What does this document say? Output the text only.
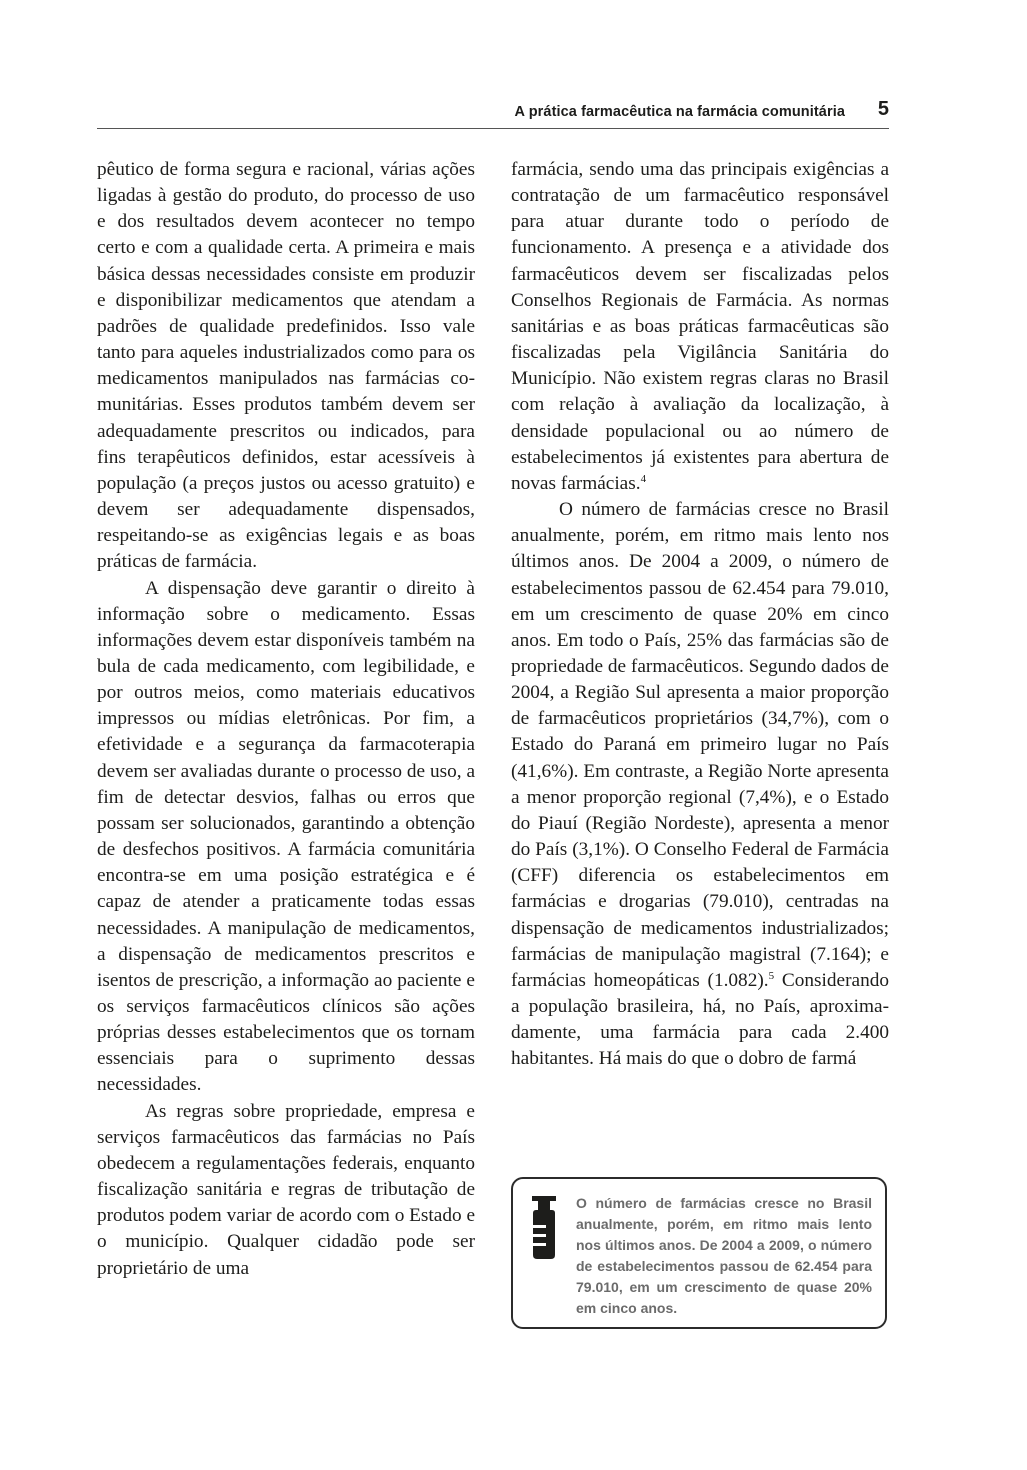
A prática farmacêutica na farmácia comunitária 5

pêutico de forma segura e racional, várias ações ligadas à gestão do produto, do processo de uso e dos resultados devem acontecer no tempo certo e com a qualidade certa. A primeira e mais básica dessas necessidades consiste em produzir e disponibilizar medicamentos que atendam a padrões de qualidade predefinidos. Isso vale tanto para aqueles industrializados como para os medicamentos manipulados nas farmácias comunitárias. Esses produtos também devem ser adequadamente prescritos ou indicados, para fins terapêuticos definidos, estar acessíveis à população (a preços justos ou acesso gratuito) e devem ser adequadamente dispensados, respeitando-se as exigências legais e as boas práticas de farmácia.

A dispensação deve garantir o direito à informação sobre o medicamento. Essas informações devem estar disponíveis também na bula de cada medicamento, com legibilidade, e por outros meios, como materiais educativos impressos ou mídias eletrônicas. Por fim, a efetividade e a segurança da farmacoterapia devem ser avaliadas durante o processo de uso, a fim de detectar desvios, falhas ou erros que possam ser solucionados, garantindo a obtenção de desfechos positivos. A farmácia comunitária encontra-se em uma posição estratégica e é capaz de atender a praticamente todas essas necessidades. A manipulação de medicamentos, a dispensação de medicamentos prescritos e isentos de prescrição, a informação ao paciente e os serviços farmacêuticos clínicos são ações próprias desses estabelecimentos que os tornam essenciais para o suprimento dessas necessidades.

As regras sobre propriedade, empresa e serviços farmacêuticos das farmácias no País obedecem a regulamentações federais, enquanto fiscalização sanitária e regras de tributação de produtos podem variar de acordo com o Estado e o município. Qualquer cidadão pode ser proprietário de uma

farmácia, sendo uma das principais exigências a contratação de um farmacêutico responsável para atuar durante todo o período de funcionamento. A presença e a atividade dos farmacêuticos devem ser fiscalizadas pelos Conselhos Regionais de Farmácia. As normas sanitárias e as boas práticas farmacêuticas são fiscalizadas pela Vigilância Sanitária do Município. Não existem regras claras no Brasil com relação à avaliação da localização, à densidade populacional ou ao número de estabelecimentos já existentes para abertura de novas farmácias.$^4$

O número de farmácias cresce no Brasil anualmente, porém, em ritmo mais lento nos últimos anos. De 2004 a 2009, o número de estabelecimentos passou de 62.454 para 79.010, em um crescimento de quase 20% em cinco anos. Em todo o País, 25% das farmácias são de propriedade de farmacêuticos. Segundo dados de 2004, a Região Sul apresenta a maior proporção de farmacêuticos proprietários (34,7%), com o Estado do Paraná em primeiro lugar no País (41,6%). Em contraste, a Região Norte apresenta a menor proporção regional (7,4%), e o Estado do Piauí (Região Nordeste), apresenta a menor do País (3,1%). O Conselho Federal de Farmácia (CFF) diferencia os estabelecimentos em farmácias e drogarias (79.010), centradas na dispensação de medicamentos industrializados; farmácias de manipulação magistral (7.164); e farmácias homeopáticas (1.082).$^5$ Considerando a população brasileira, há, no País, aproximadamente, uma farmácia para cada 2.400 habitantes. Há mais do que o dobro de farmá

O número de farmácias cresce no Brasil anualmente, porém, em ritmo mais lento nos últimos anos. De 2004 a 2009, o número de estabelecimentos passou de 62.454 para 79.010, em um crescimento de quase 20% em cinco anos.
